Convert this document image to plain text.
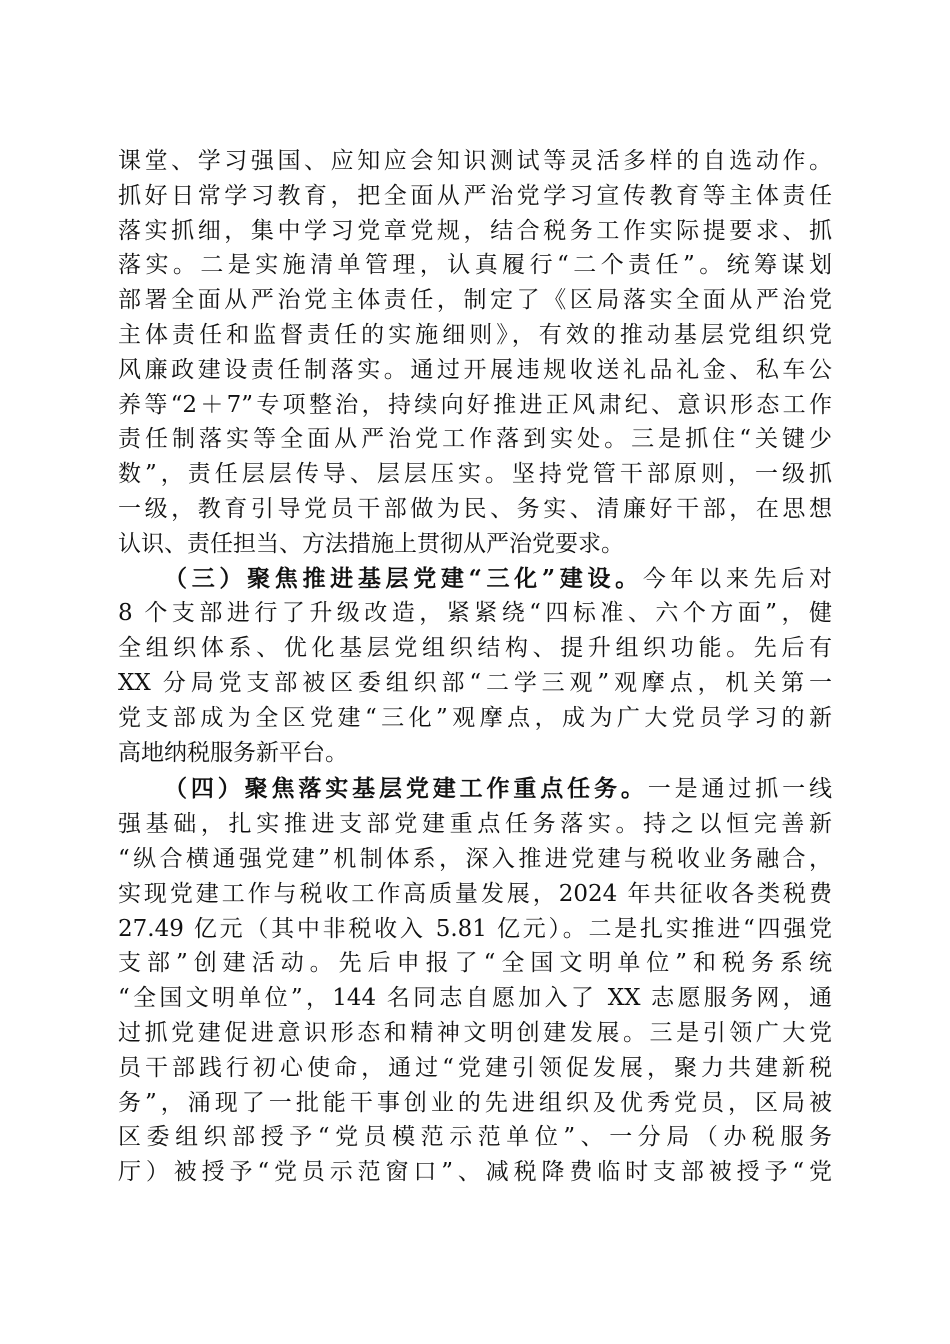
课堂、学习强国、应知应会知识测试等灵活多样的自选动作。
抓好日常学习教育，把全面从严治党学习宣传教育等主体责任
落实抓细，集中学习党章党规，结合税务工作实际提要求、抓
落实。二是实施清单管理，认真履行“二个责任”。统筹谋划
部署全面从严治党主体责任，制定了《区局落实全面从严治党
主体责任和监督责任的实施细则》，有效的推动基层党组织党
风廉政建设责任制落实。通过开展违规收送礼品礼金、私车公
养等“2＋7”专项整治，持续向好推进正风肃纪、意识形态工作
责任制落实等全面从严治党工作落到实处。三是抓住“关键少
数”，责任层层传导、层层压实。坚持党管干部原则，一级抓
一级，教育引导党员干部做为民、务实、清廉好干部，在思想
认识、责任担当、方法措施上贯彻从严治党要求。
（三）聚焦推进基层党建“三化”建设。今年以来先后对
8 个支部进行了升级改造，紧紧绕“四标准、六个方面”，健
全组织体系、优化基层党组织结构、提升组织功能。先后有
XX 分局党支部被区委组织部“二学三观”观摩点，机关第一
党支部成为全区党建“三化”观摩点，成为广大党员学习的新
高地纳税服务新平台。
（四）聚焦落实基层党建工作重点任务。一是通过抓一线
强基础，扎实推进支部党建重点任务落实。持之以恒完善新
“纵合横通强党建”机制体系，深入推进党建与税收业务融合，
实现党建工作与税收工作高质量发展，2024 年共征收各类税费
27.49 亿元（其中非税收入 5.81 亿元）。二是扎实推进“四强党
支部”创建活动。先后申报了“全国文明单位”和税务系统
“全国文明单位”，144 名同志自愿加入了 XX 志愿服务网，通
过抓党建促进意识形态和精神文明创建发展。三是引领广大党
员干部践行初心使命，通过“党建引领促发展，聚力共建新税
务”，涌现了一批能干事创业的先进组织及优秀党员，区局被
区委组织部授予“党员模范示范单位”、一分局（办税服务
厅）被授予“党员示范窗口”、减税降费临时支部被授予“党
